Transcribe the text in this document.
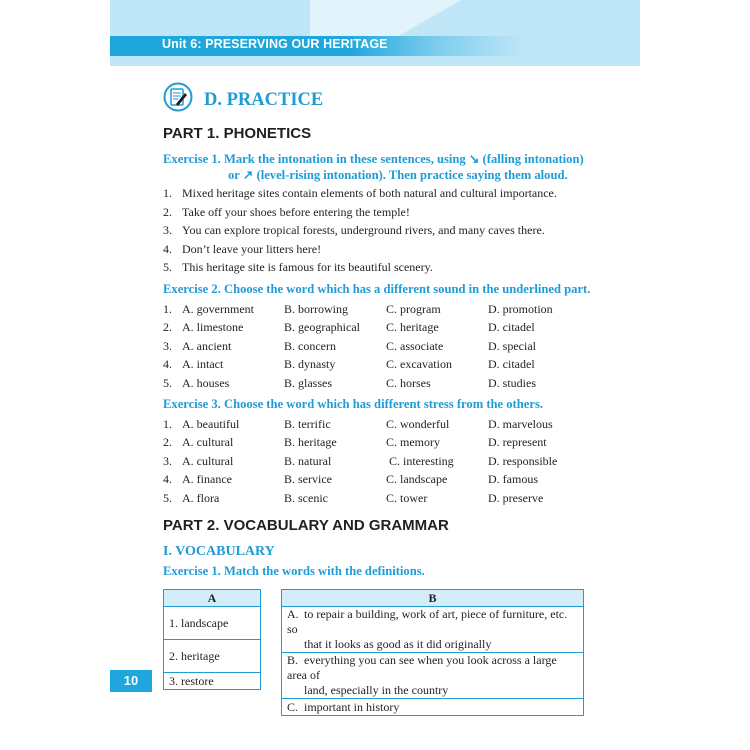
Unit 6: PRESERVING OUR HERITAGE
D. PRACTICE
PART 1. PHONETICS
Exercise 1. Mark the intonation in these sentences, using ↘ (falling intonation)
or ↗ (level-rising intonation). Then practice saying them aloud.
1. Mixed heritage sites contain elements of both natural and cultural importance.
2. Take off your shoes before entering the temple!
3. You can explore tropical forests, underground rivers, and many caves there.
4. Don’t leave your litters here!
5. This heritage site is famous for its beautiful scenery.
Exercise 2. Choose the word which has a different sound in the underlined part.
1. A. government	B. borrowing	C. program	D. promotion
2. A. limestone	B. geographical C. heritage	D. citadel
3. A. ancient	B. concern	C. associate	D. special
4. A. intact	B. dynasty	C. excavation	D. citadel
5. A. houses	B. glasses	C. horses	D. studies
Exercise 3. Choose the word which has different stress from the others.
1. A. beautiful	B. terrific	C. wonderful	D. marvelous
2. A. cultural	B. heritage	C. memory	D. represent
3. A. cultural	B. natural	C. interesting	D. responsible
4. A. finance	B. service	C. landscape	D. famous
5. A. flora	B. scenic	C. tower	D. preserve
PART 2. VOCABULARY AND GRAMMAR
I. VOCABULARY
Exercise 1. Match the words with the definitions.
A
1. landscape
2. heritage
3. restore
B

A. to repair a building, work of art, piece of furniture, etc. so
that it looks as good as it did originally

B. everything you can see when you look across a large area of
land, especially in the country

C. important in history
10
